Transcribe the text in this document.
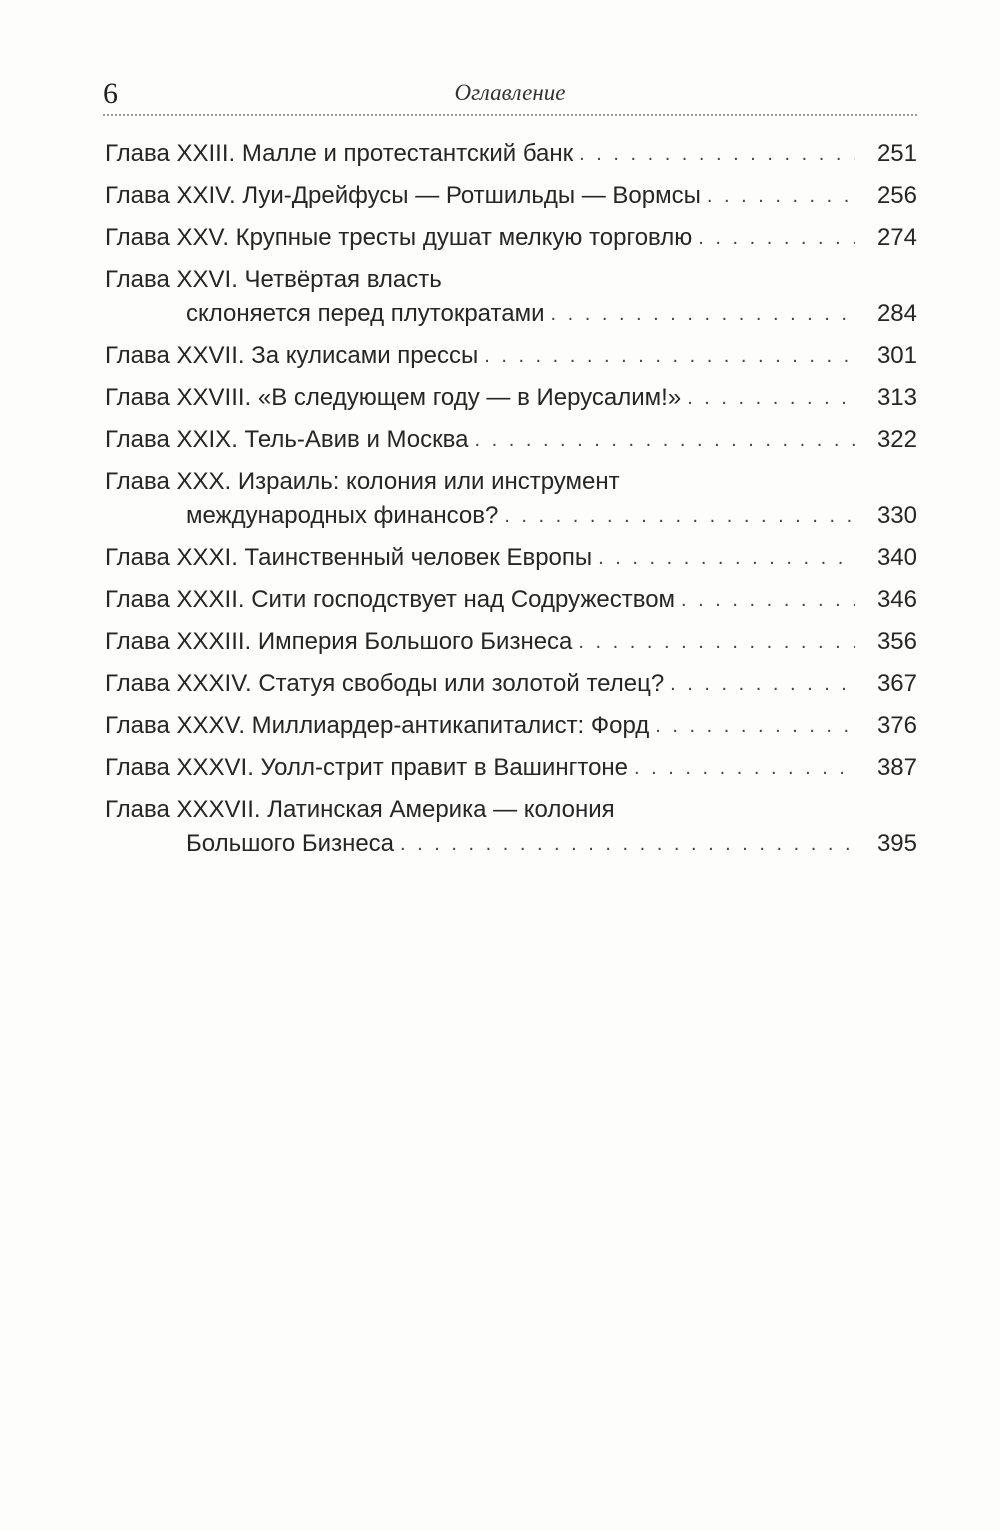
6	Оглавление
Глава XXIII. Малле и протестантский банк . . .	251
Глава XXIV. Луи-Дрейфусы — Ротшильды — Вормсы . . .	256
Глава XXV. Крупные тресты душат мелкую торговлю . . .	274
Глава XXVI. Четвёртая власть
склоняется перед плутократами . . .	284
Глава XXVII. За кулисами прессы . . .	301
Глава XXVIII. «В следующем году — в Иерусалим!» . . .	313
Глава XXIX. Тель-Авив и Москва . . .	322
Глава XXX. Израиль: колония или инструмент
международных финансов? . . .	330
Глава XXXI. Таинственный человек Европы . . .	340
Глава XXXII. Сити господствует над Содружеством . . .	346
Глава XXXIII. Империя Большого Бизнеса . . .	356
Глава XXXIV. Статуя свободы или золотой телец? . . .	367
Глава XXXV. Миллиардер-антикапиталист: Форд . . .	376
Глава XXXVI. Уолл-стрит правит в Вашингтоне . . .	387
Глава XXXVII. Латинская Америка — колония
Большого Бизнеса . . .	395
